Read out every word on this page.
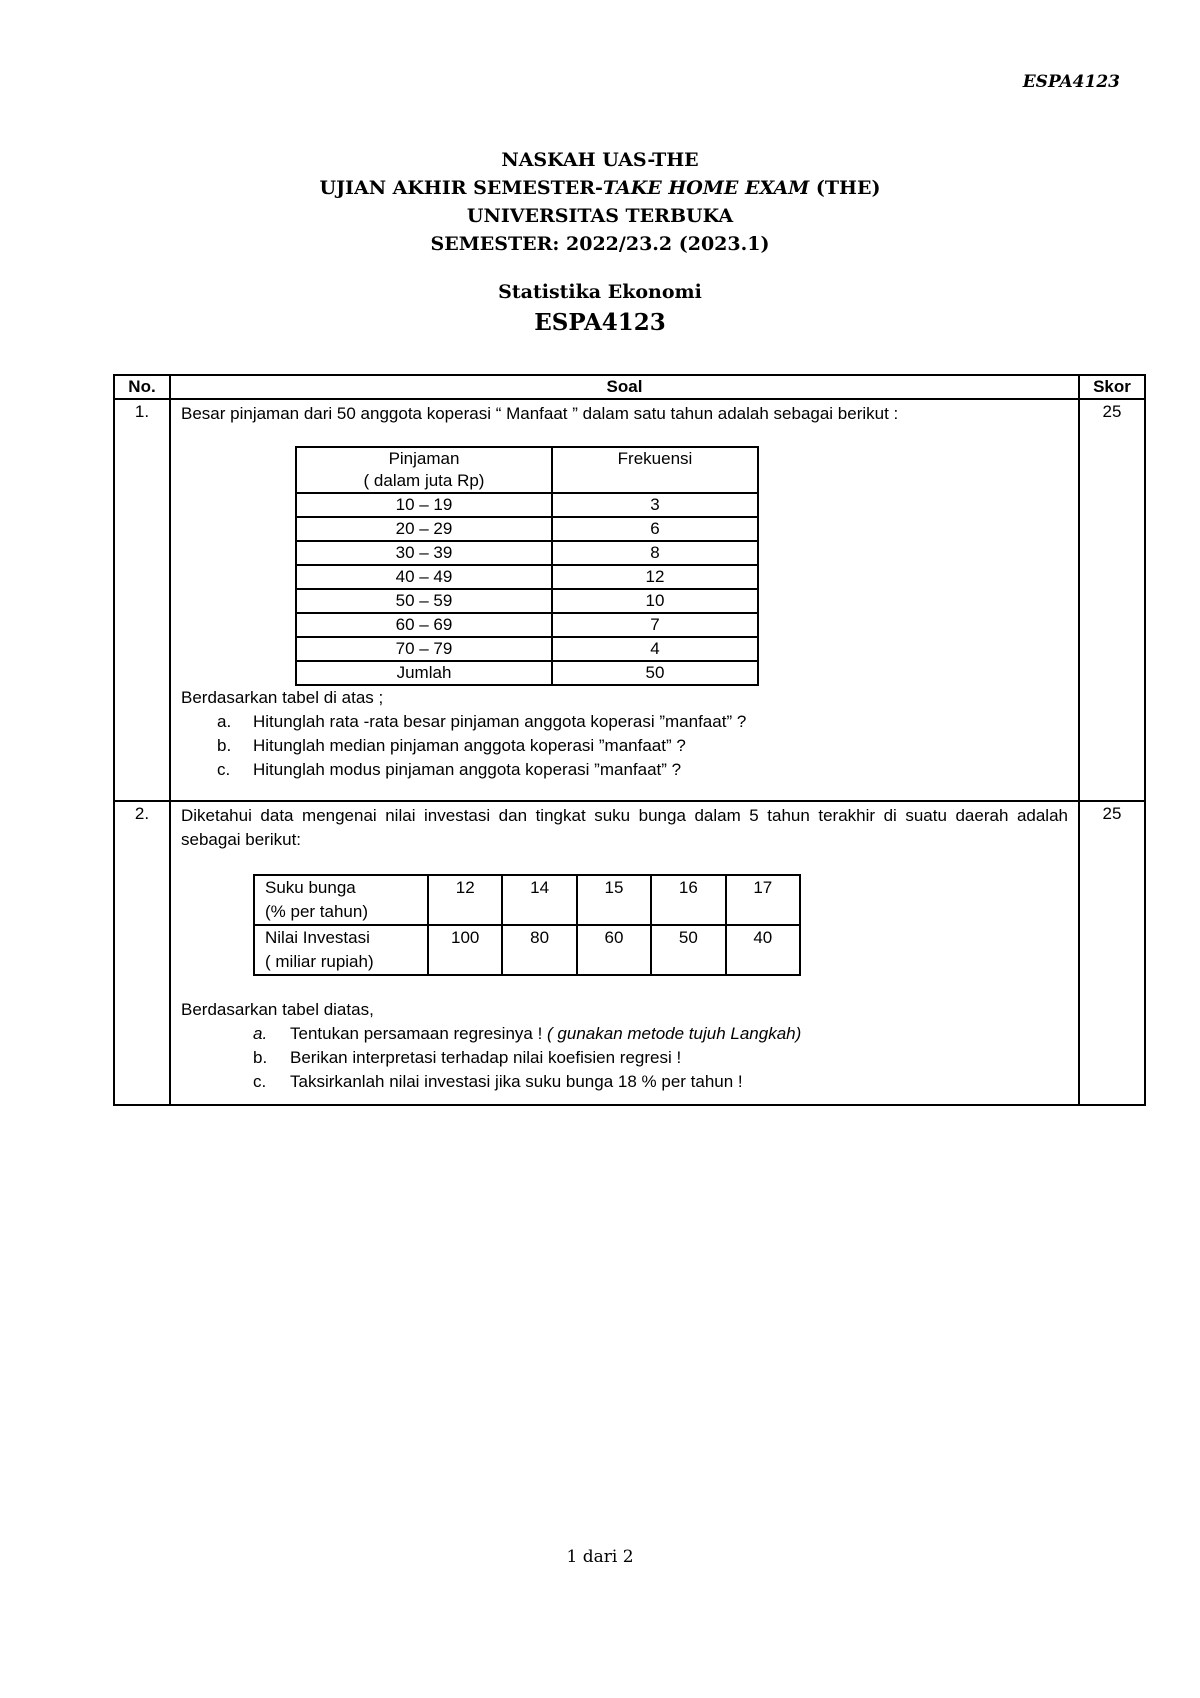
ESPA4123

NASKAH UAS-THE
UJIAN AKHIR SEMESTER-TAKE HOME EXAM (THE)
UNIVERSITAS TERBUKA
SEMESTER: 2022/23.2 (2023.1)
Statistika Ekonomi
ESPA4123
No.	Soal	Skor
1.	Besar pinjaman dari 50 anggota koperasi “ Manfaat ” dalam satu tahun adalah sebagai berikut :

Pinjaman
( dalam juta Rp)
	Frekuensi
10 – 19	3
20 – 29	6
30 – 39	8
40 – 49	12
50 – 59	10
60 – 69	7
70 – 79	4
Jumlah	50

Berdasarkan tabel di atas ;

a.	Hitunglah rata -rata besar pinjaman anggota koperasi ”manfaat” ?
b.	Hitunglah median pinjaman anggota koperasi ”manfaat” ?
c.	Hitunglah modus pinjaman anggota koperasi ”manfaat” ?
	25
2.	Diketahui data mengenai nilai investasi dan tingkat suku bunga dalam 5 tahun terakhir di suatu daerah adalah sebagai berikut:

Suku bunga
(% per tahun)
	12	14	15	16	17

Nilai Investasi
( miliar rupiah)
	100	80	60	50	40

Berdasarkan tabel diatas,

a.	Tentukan persamaan regresinya ! ( gunakan metode tujuh Langkah)
b.	Berikan interpretasi terhadap nilai koefisien regresi !
c.	Taksirkanlah nilai investasi jika suku bunga 18 % per tahun !
	25

1 dari 2
